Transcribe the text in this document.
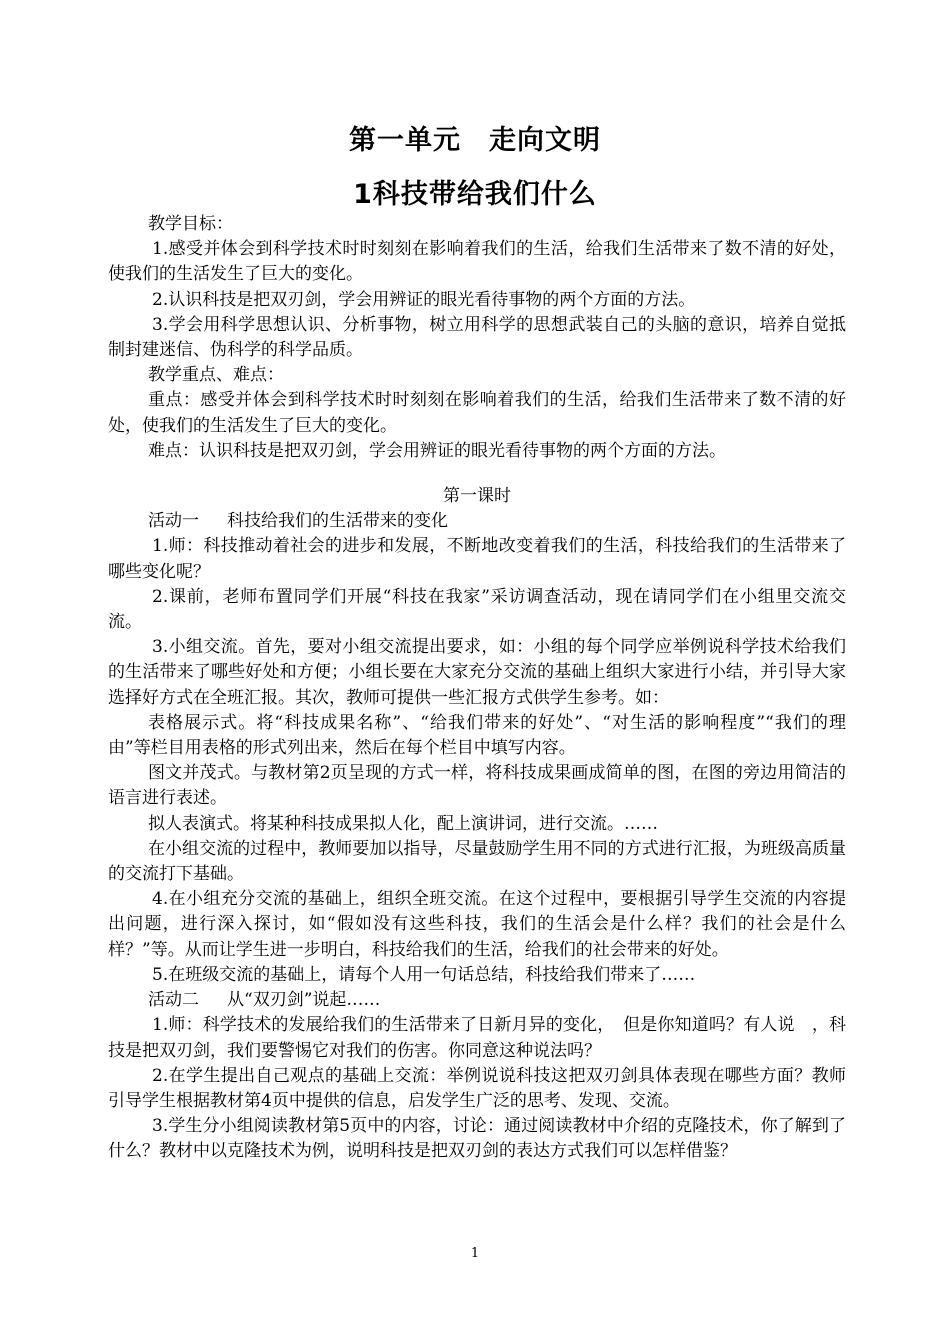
第一单元　走向文明
1科技带给我们什么

教学目标：

1.感受并体会到科学技术时时刻刻在影响着我们的生活，给我们生活带来了数不清的好处，使我们的生活发生了巨大的变化。

2.认识科技是把双刃剑，学会用辨证的眼光看待事物的两个方面的方法。

3.学会用科学思想认识、分析事物，树立用科学的思想武装自己的头脑的意识，培养自觉抵制封建迷信、伪科学的科学品质。

教学重点、难点：

重点：感受并体会到科学技术时时刻刻在影响着我们的生活，给我们生活带来了数不清的好处，使我们的生活发生了巨大的变化。

难点：认识科技是把双刃剑，学会用辨证的眼光看待事物的两个方面的方法。

第一课时

活动一 科技给我们的生活带来的变化

1.师：科技推动着社会的进步和发展，不断地改变着我们的生活，科技给我们的生活带来了哪些变化呢？

2.课前，老师布置同学们开展“科技在我家”采访调查活动，现在请同学们在小组里交流交流。

3.小组交流。首先，要对小组交流提出要求，如：小组的每个同学应举例说科学技术给我们的生活带来了哪些好处和方便；小组长要在大家充分交流的基础上组织大家进行小结，并引导大家选择好方式在全班汇报。其次，教师可提供一些汇报方式供学生参考。如：

表格展示式。将“科技成果名称”、“给我们带来的好处”、“对生活的影响程度”“我们的理由”等栏目用表格的形式列出来，然后在每个栏目中填写内容。

图文并茂式。与教材第2页呈现的方式一样，将科技成果画成简单的图，在图的旁边用简洁的语言进行表述。

拟人表演式。将某种科技成果拟人化，配上演讲词，进行交流。……

在小组交流的过程中，教师要加以指导，尽量鼓励学生用不同的方式进行汇报，为班级高质量的交流打下基础。

4.在小组充分交流的基础上，组织全班交流。在这个过程中，要根据引导学生交流的内容提出问题，进行深入探讨，如“假如没有这些科技，我们的生活会是什么样？我们的社会是什么样？”等。从而让学生进一步明白，科技给我们的生活，给我们的社会带来的好处。

5.在班级交流的基础上，请每个人用一句话总结，科技给我们带来了……

活动二 从“双刃剑”说起……

1.师：科学技术的发展给我们的生活带来了日新月异的变化，　但是你知道吗？有人说　，科技是把双刃剑，我们要警惕它对我们的伤害。你同意这种说法吗？

2.在学生提出自己观点的基础上交流：举例说说科技这把双刃剑具体表现在哪些方面？教师引导学生根据教材第4页中提供的信息，启发学生广泛的思考、发现、交流。

3.学生分小组阅读教材第5页中的内容，讨论：通过阅读教材中介绍的克隆技术，你了解到了什么？教材中以克隆技术为例，说明科技是把双刃剑的表达方式我们可以怎样借鉴？

1
